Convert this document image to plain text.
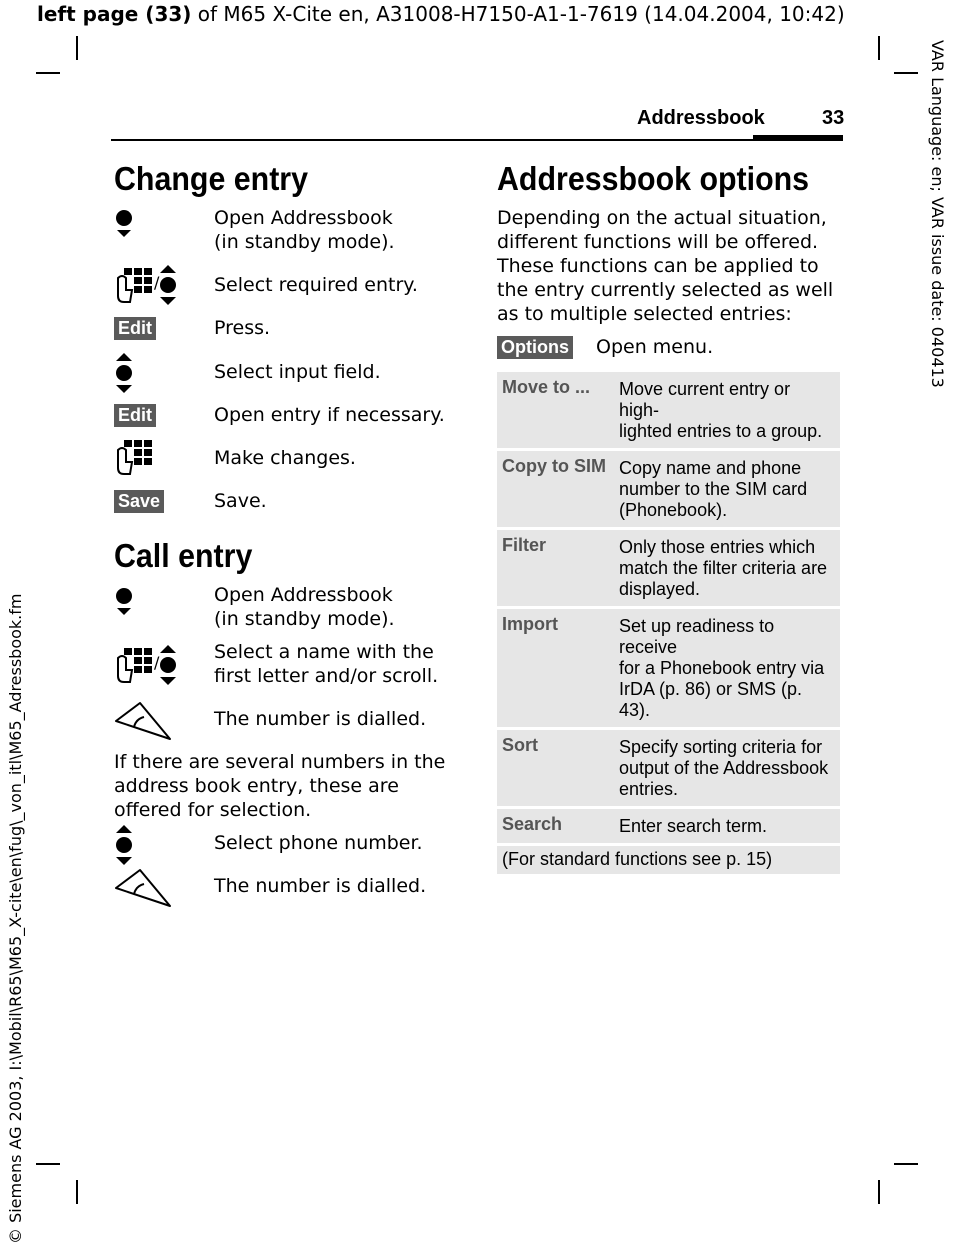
left page (33) of M65 X-Cite en, A31008-H7150-A1-1-7619 (14.04.2004, 10:42)
VAR Language: en; VAR issue date: 040413
© Siemens AG 2003, I:\Mobil\R65\M65_X-cite\en\fug\_von_itl\M65_Adressbook.fm
Addressbook	33
Change entry
Open Addressbook
(in standby mode).
/	Select required entry.
Edit	Press.
Select input field.
Edit	Open entry if necessary.
Make changes.
Save	Save.
Call entry
Open Addressbook
(in standby mode).
/	Select a name with the
first letter and/or scroll.
The number is dialled.
If there are several numbers in the
address book entry, these are
offered for selection.
Select phone number.
The number is dialled.
Addressbook options
Depending on the actual situation,
different functions will be offered.
These functions can be applied to
the entry currently selected as well
as to multiple selected entries:
Options Open menu.
Move to ...	Move current entry or high-
lighted entries to a group.
Copy to SIM Copy name and phone
number to the SIM card
(Phonebook).
Filter	Only those entries which
match the filter criteria are
displayed.
Import	Set up readiness to receive
for a Phonebook entry via
IrDA (p. 86) or SMS (p. 43).
Sort	Specify sorting criteria for
output of the Addressbook
entries.
Search	Enter search term.
(For standard functions see p. 15)
